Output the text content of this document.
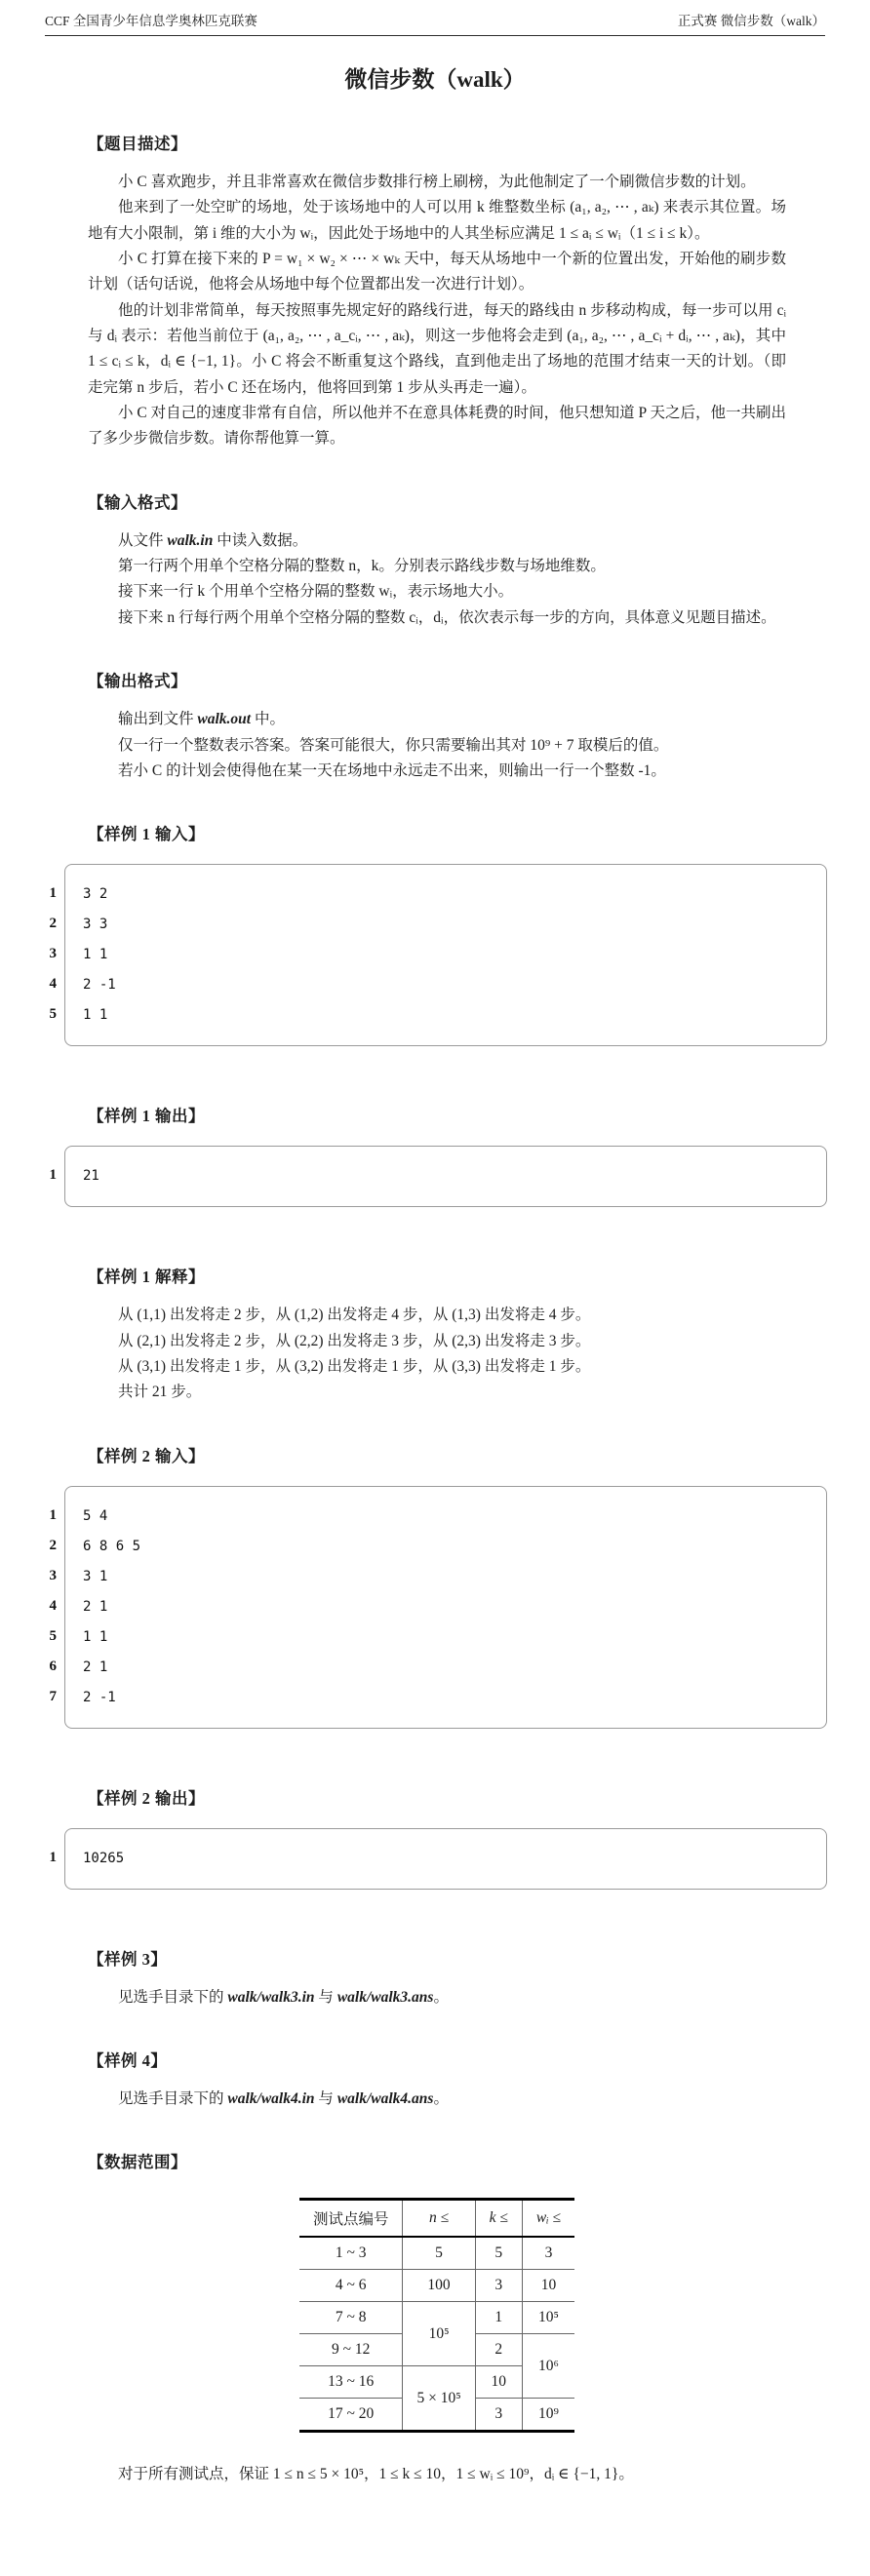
CCF 全国青少年信息学奥林匹克联赛	正式赛 微信步数（walk）
微信步数（walk）
【题目描述】

小 C 喜欢跑步，并且非常喜欢在微信步数排行榜上刷榜，为此他制定了一个刷微信步数的计划。

他来到了一处空旷的场地，处于该场地中的人可以用 k 维整数坐标 (a₁, a₂, ⋯ , aₖ) 来表示其位置。场地有大小限制，第 i 维的大小为 wᵢ，因此处于场地中的人其坐标应满足 1 ≤ aᵢ ≤ wᵢ（1 ≤ i ≤ k）。

小 C 打算在接下来的 P = w₁ × w₂ × ⋯ × wₖ 天中，每天从场地中一个新的位置出发，开始他的刷步数计划（话句话说，他将会从场地中每个位置都出发一次进行计划）。

他的计划非常简单，每天按照事先规定好的路线行进，每天的路线由 n 步移动构成，每一步可以用 cᵢ 与 dᵢ 表示：若他当前位于 (a₁, a₂, ⋯ , a_cᵢ, ⋯ , aₖ)，则这一步他将会走到 (a₁, a₂, ⋯ , a_cᵢ + dᵢ, ⋯ , aₖ)，其中 1 ≤ cᵢ ≤ k，dᵢ ∈ {−1, 1}。小 C 将会不断重复这个路线，直到他走出了场地的范围才结束一天的计划。（即走完第 n 步后，若小 C 还在场内，他将回到第 1 步从头再走一遍）。

小 C 对自己的速度非常有自信，所以他并不在意具体耗费的时间，他只想知道 P 天之后，他一共刷出了多少步微信步数。请你帮他算一算。

【输入格式】

从文件 walk.in 中读入数据。

第一行两个用单个空格分隔的整数 n，k。分别表示路线步数与场地维数。

接下来一行 k 个用单个空格分隔的整数 wᵢ，表示场地大小。

接下来 n 行每行两个用单个空格分隔的整数 cᵢ，dᵢ，依次表示每一步的方向，具体意义见题目描述。

【输出格式】

输出到文件 walk.out 中。

仅一行一个整数表示答案。答案可能很大，你只需要输出其对 10⁹ + 7 取模后的值。

若小 C 的计划会使得他在某一天在场地中永远走不出来，则输出一行一个整数 -1。

【样例 1 输入】
1
2
3
4
5
3 2
3 3
1 1
2 -1
1 1
【样例 1 输出】
1 21
【样例 1 解释】

从 (1,1) 出发将走 2 步，从 (1,2) 出发将走 4 步，从 (1,3) 出发将走 4 步。

从 (2,1) 出发将走 2 步，从 (2,2) 出发将走 3 步，从 (2,3) 出发将走 3 步。

从 (3,1) 出发将走 1 步，从 (3,2) 出发将走 1 步，从 (3,3) 出发将走 1 步。

共计 21 步。

【样例 2 输入】
1
2
3
4
5
6
7
5 4
6 8 6 5
3 1
2 1
1 1
2 1
2 -1
【样例 2 输出】
1 10265
【样例 3】

见选手目录下的 walk/walk3.in 与 walk/walk3.ans。

【样例 4】

见选手目录下的 walk/walk4.in 与 walk/walk4.ans。

【数据范围】
测试点编号	n ≤	k ≤	wᵢ ≤
1 ~ 3	5	5	3
4 ~ 6	100	3	10
7 ~ 8	10⁵	1	10⁵
9 ~ 12		2	10⁶
13 ~ 16	5 × 10⁵	10	
17 ~ 20		3	10⁹

对于所有测试点，保证 1 ≤ n ≤ 5 × 10⁵，1 ≤ k ≤ 10，1 ≤ wᵢ ≤ 10⁹，dᵢ ∈ {−1, 1}。
